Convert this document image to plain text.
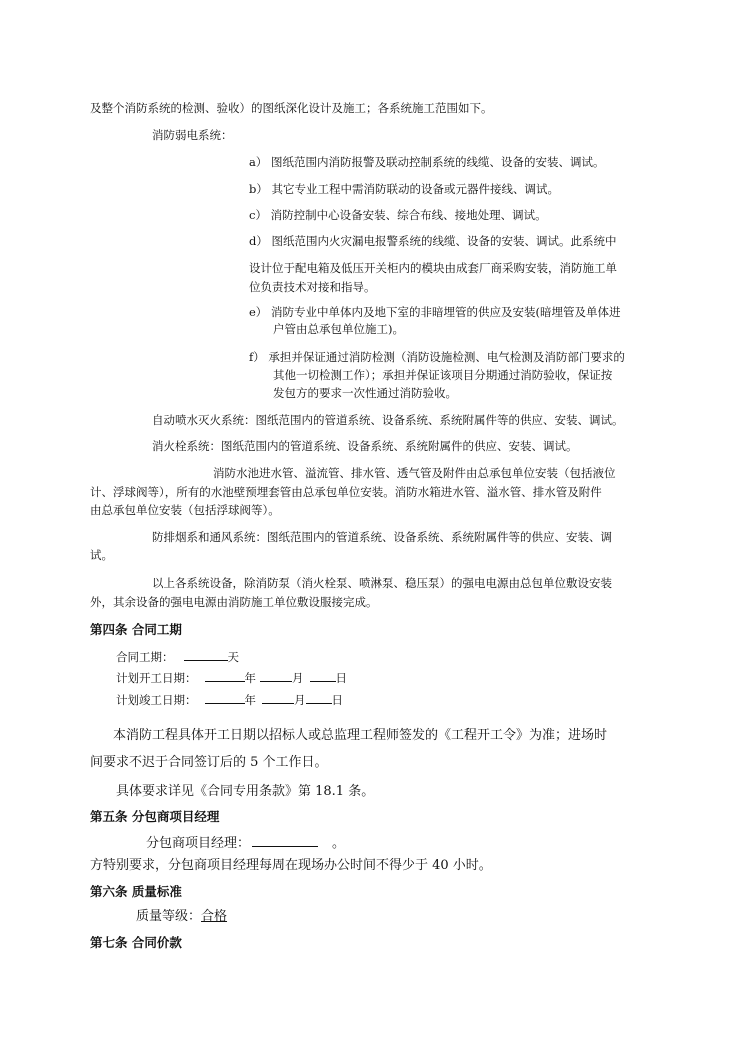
及整个消防系统的检测、验收）的图纸深化设计及施工；各系统施工范围如下。
消防弱电系统：
a） 图纸范围内消防报警及联动控制系统的线缆、设备的安装、调试。
b） 其它专业工程中需消防联动的设备或元器件接线、调试。
c） 消防控制中心设备安装、综合布线、接地处理、调试。
d） 图纸范围内火灾漏电报警系统的线缆、设备的安装、调试。此系统中
设计位于配电箱及低压开关柜内的模块由成套厂商采购安装，消防施工单
位负责技术对接和指导。
e） 消防专业中单体内及地下室的非暗埋管的供应及安装(暗埋管及单体进
户管由总承包单位施工)。
f） 承担并保证通过消防检测（消防设施检测、电气检测及消防部门要求的
其他一切检测工作）；承担并保证该项目分期通过消防验收，保证按
发包方的要求一次性通过消防验收。
自动喷水灭火系统：图纸范围内的管道系统、设备系统、系统附属件等的供应、安装、调试。
消火栓系统：图纸范围内的管道系统、设备系统、系统附属件的供应、安装、调试。
消防水池进水管、溢流管、排水管、透气管及附件由总承包单位安装（包括液位
计、浮球阀等），所有的水池壁预埋套管由总承包单位安装。消防水箱进水管、溢水管、排水管及附件
由总承包单位安装（包括浮球阀等）。
防排烟系和通风系统：图纸范围内的管道系统、设备系统、系统附属件等的供应、安装、调
试。
以上各系统设备，除消防泵（消火栓泵、喷淋泵、稳压泵）的强电电源由总包单位敷设安装
外，其余设备的强电电源由消防施工单位敷设服接完成。
第四条 合同工期
合同工期：	天
计划开工日期：	年	月	日
计划竣工日期：	年	月 日
本消防工程具体开工日期以招标人或总监理工程师签发的《工程开工令》为准；进场时
间要求不迟于合同签订后的 5 个工作日。
具体要求详见《合同专用条款》第 18.1 条。
第五条 分包商项目经理
分包商项目经理：	。
方特别要求，分包商项目经理每周在现场办公时间不得少于 40 小时。
第六条 质量标准
质量等级：合格
第七条 合同价款
